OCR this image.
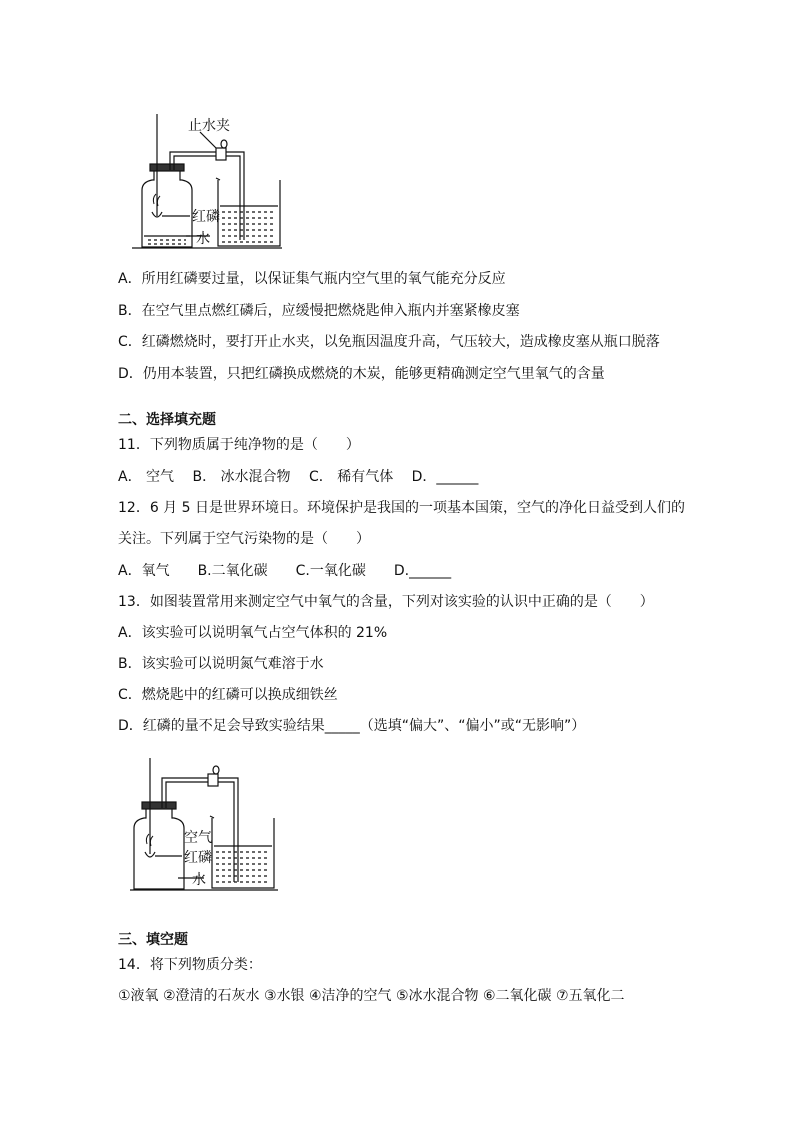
止水夹
红磷
水
A．所用红磷要过量，以保证集气瓶内空气里的氧气能充分反应
B．在空气里点燃红磷后，应缓慢把燃烧匙伸入瓶内并塞紧橡皮塞
C．红磷燃烧时，要打开止水夹，以免瓶因温度升高，气压较大，造成橡皮塞从瓶口脱落
D．仍用本装置，只把红磷换成燃烧的木炭，能够更精确测定空气里氧气的含量
二、选择填充题
11．下列物质属于纯净物的是（　　）
A． 空气　 B． 冰水混合物　 C． 稀有气体　 D．______
12．6 月 5 日是世界环境日。环境保护是我国的一项基本国策，空气的净化日益受到人们的
关注。下列属于空气污染物的是（　　）
A．氧气　　B.二氧化碳　　C.一氧化碳　　D.______
13．如图装置常用来测定空气中氧气的含量，下列对该实验的认识中正确的是（　　）
A．该实验可以说明氧气占空气体积的 21%
B．该实验可以说明氮气难溶于水
C．燃烧匙中的红磷可以换成细铁丝
D．红磷的量不足会导致实验结果_____（选填“偏大”、“偏小”或“无影响”）
空气
红磷
水
三、填空题
14．将下列物质分类：
①液氧 ②澄清的石灰水 ③水银 ④洁净的空气 ⑤冰水混合物 ⑥二氧化碳 ⑦五氧化二
